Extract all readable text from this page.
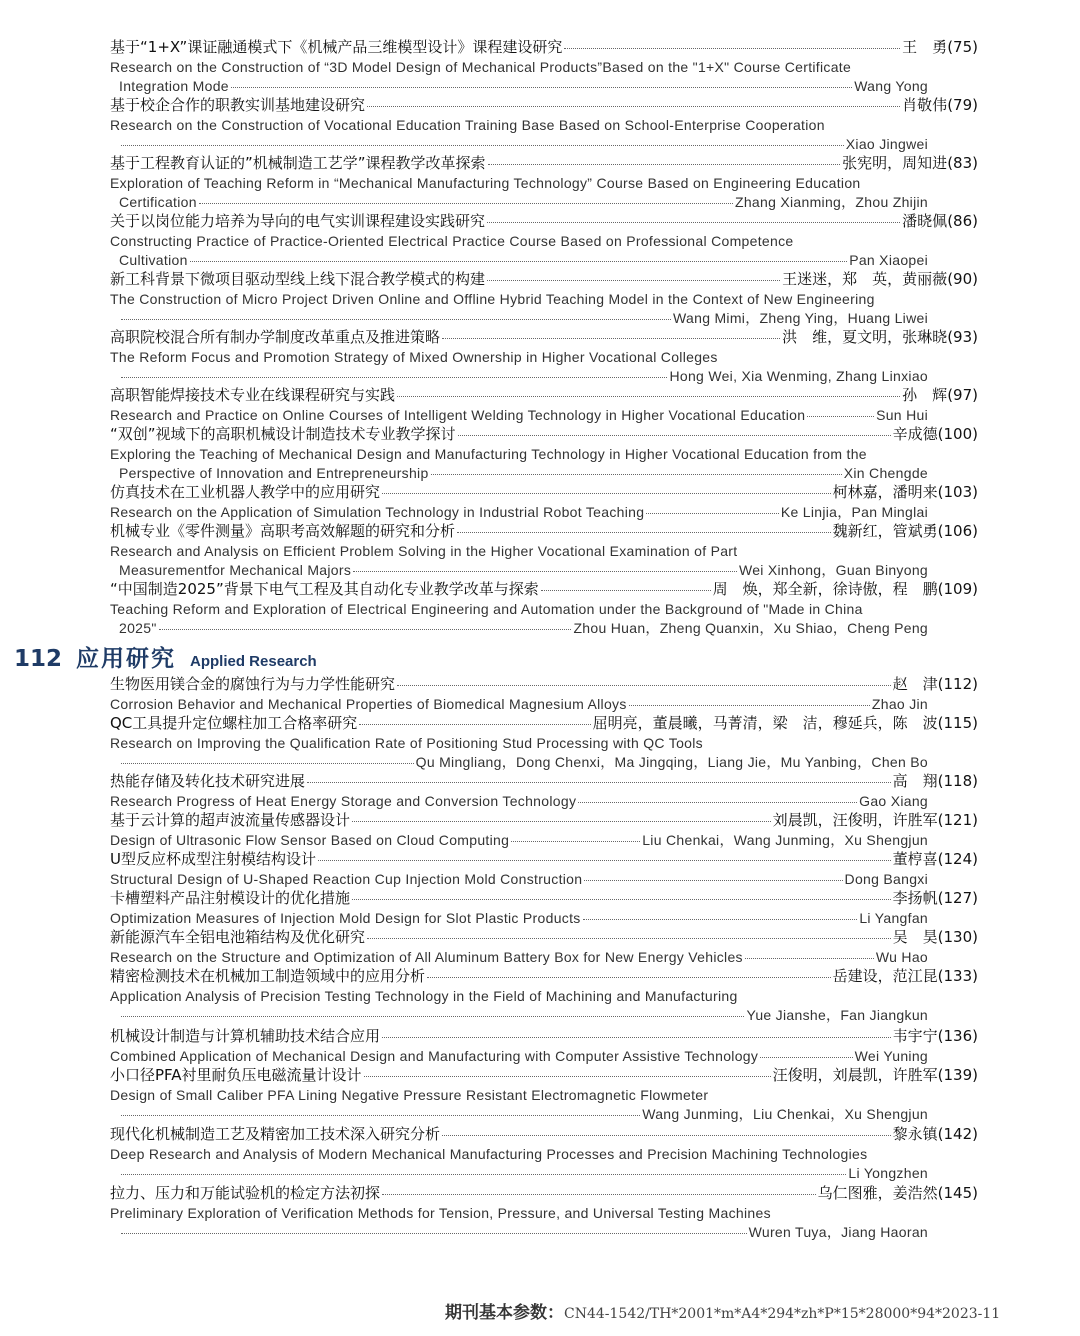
基于“1+X”课证融通模式下《机械产品三维模型设计》课程建设研究	王　勇(75)
Research on the Construction of “3D Model Design of Mechanical Products”Based on the "1+X" Course Certificate
Integration Mode	Wang Yong
基于校企合作的职教实训基地建设研究	肖敬伟(79)
Research on the Construction of Vocational Education Training Base Based on School-Enterprise Cooperation
Xiao Jingwei
基于工程教育认证的”机械制造工艺学”课程教学改革探索	张宪明，周知进(83)
Exploration of Teaching Reform in “Mechanical Manufacturing Technology” Course Based on Engineering Education
Certification	Zhang Xianming，Zhou Zhijin
关于以岗位能力培养为导向的电气实训课程建设实践研究	潘晓佩(86)
Constructing Practice of Practice-Oriented Electrical Practice Course Based on Professional Competence
Cultivation	Pan Xiaopei
新工科背景下微项目驱动型线上线下混合教学模式的构建	王迷迷，郑　英，黄丽薇(90)
The Construction of Micro Project Driven Online and Offline Hybrid Teaching Model in the Context of New Engineering
Wang Mimi，Zheng Ying，Huang Liwei
高职院校混合所有制办学制度改革重点及推进策略	洪　维，夏文明，张琳晓(93)
The Reform Focus and Promotion Strategy of Mixed Ownership in Higher Vocational Colleges
Hong Wei, Xia Wenming, Zhang Linxiao
高职智能焊接技术专业在线课程研究与实践	孙　辉(97)
Research and Practice on Online Courses of Intelligent Welding Technology in Higher Vocational Education	Sun Hui
“双创”视域下的高职机械设计制造技术专业教学探讨	辛成德(100)
Exploring the Teaching of Mechanical Design and Manufacturing Technology in Higher Vocational Education from the
Perspective of Innovation and Entrepreneurship	Xin Chengde
仿真技术在工业机器人教学中的应用研究	柯林嘉，潘明来(103)
Research on the Application of Simulation Technology in Industrial Robot Teaching	Ke Linjia，Pan Minglai
机械专业《零件测量》高职考高效解题的研究和分析	魏新红，管斌勇(106)
Research and Analysis on Efficient Problem Solving in the Higher Vocational Examination of Part
Measurementfor Mechanical Majors	Wei Xinhong，Guan Binyong
“中国制造2025”背景下电气工程及其自动化专业教学改革与探索	周　焕，郑全新，徐诗傲，程　鹏(109)
Teaching Reform and Exploration of Electrical Engineering and Automation under the Background of "Made in China
2025"	Zhou Huan，Zheng Quanxin，Xu Shiao，Cheng Peng
生物医用镁合金的腐蚀行为与力学性能研究	赵　津(112)
Corrosion Behavior and Mechanical Properties of Biomedical Magnesium Alloys	Zhao Jin
QC工具提升定位螺柱加工合格率研究	屈明亮，董晨曦，马菁清，梁　洁，穆延兵，陈　波(115)
Research on Improving the Qualification Rate of Positioning Stud Processing with QC Tools
Qu Mingliang，Dong Chenxi，Ma Jingqing，Liang Jie，Mu Yanbing，Chen Bo
热能存储及转化技术研究进展	高　翔(118)
Research Progress of Heat Energy Storage and Conversion Technology	Gao Xiang
基于云计算的超声波流量传感器设计	刘晨凯，汪俊明，许胜军(121)
Design of Ultrasonic Flow Sensor Based on Cloud Computing	Liu Chenkai，Wang Junming，Xu Shengjun
U型反应杯成型注射模结构设计	董梈喜(124)
Structural Design of U-Shaped Reaction Cup Injection Mold Construction	Dong Bangxi
卡槽塑料产品注射模设计的优化措施	李扬帆(127)
Optimization Measures of Injection Mold Design for Slot Plastic Products	Li Yangfan
新能源汽车全铝电池箱结构及优化研究	吴　昊(130)
Research on the Structure and Optimization of All Aluminum Battery Box for New Energy Vehicles	Wu Hao
精密检测技术在机械加工制造领域中的应用分析	岳建设，范江昆(133)
Application Analysis of Precision Testing Technology in the Field of Machining and Manufacturing
Yue Jianshe，Fan Jiangkun
机械设计制造与计算机辅助技术结合应用	韦宇宁(136)
Combined Application of Mechanical Design and Manufacturing with Computer Assistive Technology	Wei Yuning
小口径PFA衬里耐负压电磁流量计设计	汪俊明，刘晨凯，许胜军(139)
Design of Small Caliber PFA Lining Negative Pressure Resistant Electromagnetic Flowmeter
Wang Junming，Liu Chenkai，Xu Shengjun
现代化机械制造工艺及精密加工技术深入研究分析	黎永镇(142)
Deep Research and Analysis of Modern Mechanical Manufacturing Processes and Precision Machining Technologies
Li Yongzhen
拉力、压力和万能试验机的检定方法初探	乌仁图雅，姜浩然(145)
Preliminary Exploration of Verification Methods for Tension, Pressure, and Universal Testing Machines
Wuren Tuya，Jiang Haoran
112 应用研究 Applied Research
期刊基本参数：CN44-1542/TH*2001*m*A4*294*zh*P*15*28000*94*2023-11
